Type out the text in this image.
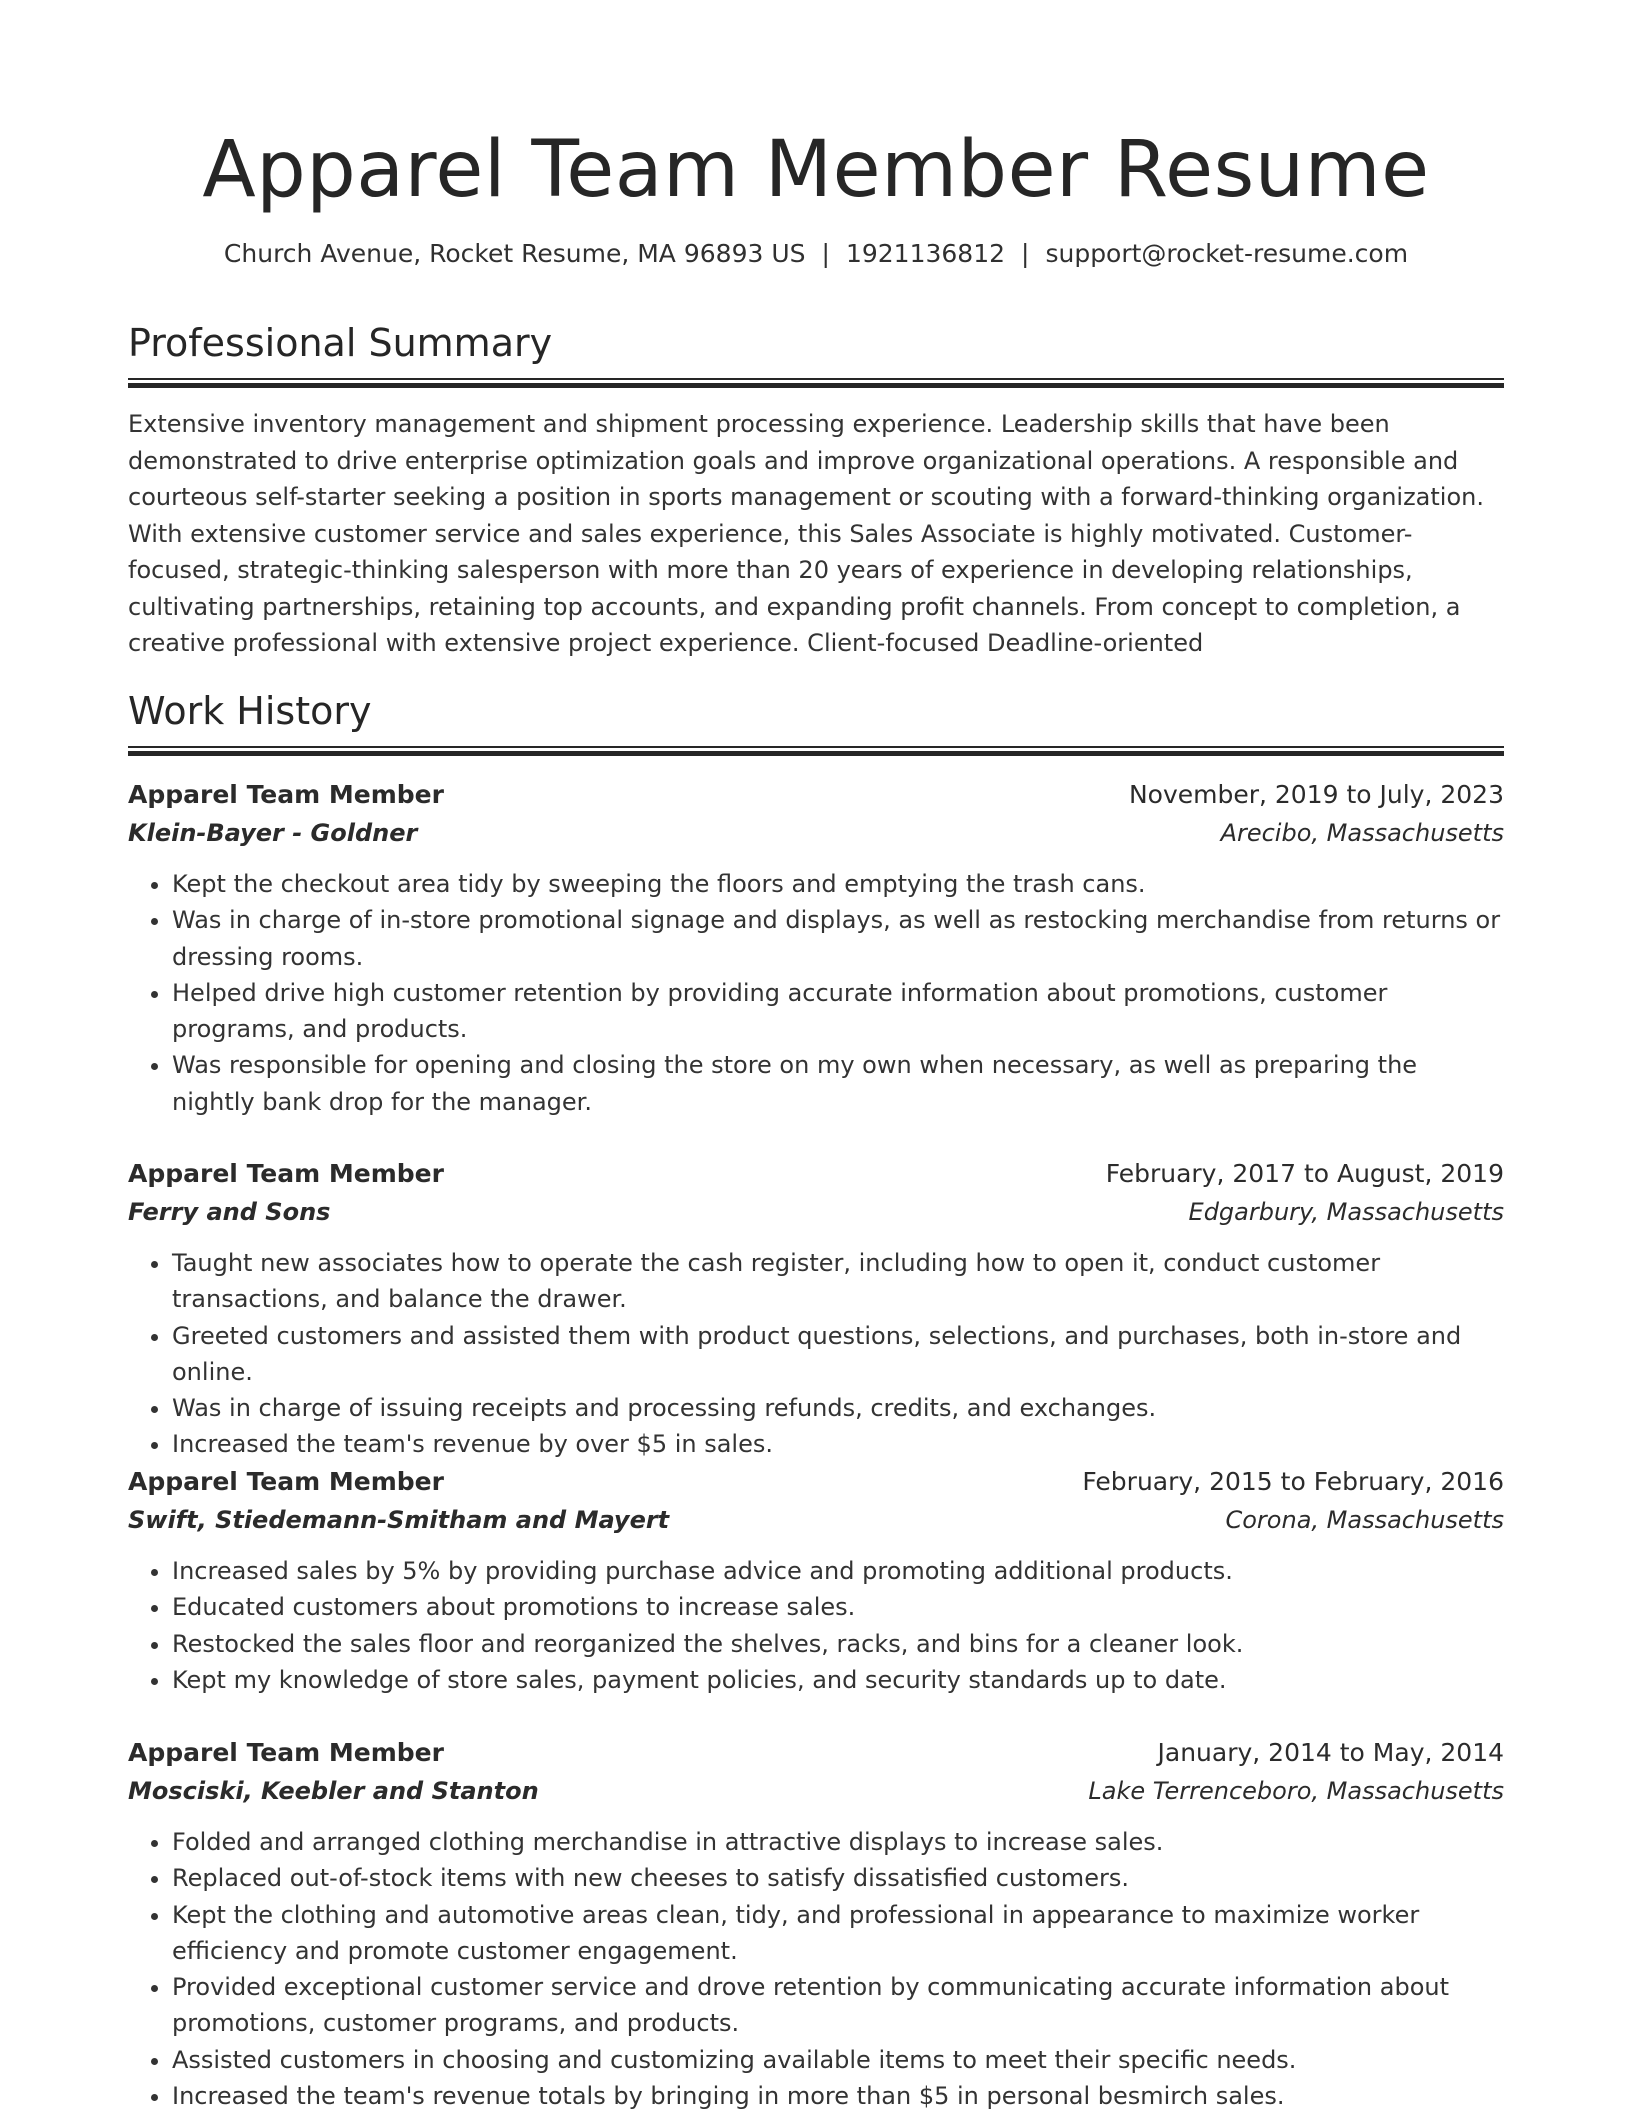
Apparel Team Member Resume
Church Avenue, Rocket Resume, MA 96893 US | 1921136812 | support@rocket-resume.com
Professional Summary

Extensive inventory management and shipment processing experience. Leadership skills that have been demonstrated to drive enterprise optimization goals and improve organizational operations. A responsible and courteous self-starter seeking a position in sports management or scouting with a forward-thinking organization. With extensive customer service and sales experience, this Sales Associate is highly motivated. Customer-focused, strategic-thinking salesperson with more than 20 years of experience in developing relationships, cultivating partnerships, retaining top accounts, and expanding profit channels. From concept to completion, a creative professional with extensive project experience. Client-focused Deadline-oriented

Work History
Apparel Team Member	November, 2019 to July, 2023
Klein-Bayer - Goldner	Arecibo, Massachusetts
• Kept the checkout area tidy by sweeping the floors and emptying the trash cans.
• Was in charge of in-store promotional signage and displays, as well as restocking merchandise from returns or dressing rooms.
• Helped drive high customer retention by providing accurate information about promotions, customer programs, and products.
• Was responsible for opening and closing the store on my own when necessary, as well as preparing the nightly bank drop for the manager.
Apparel Team Member	February, 2017 to August, 2019
Ferry and Sons	Edgarbury, Massachusetts
• Taught new associates how to operate the cash register, including how to open it, conduct customer transactions, and balance the drawer.
• Greeted customers and assisted them with product questions, selections, and purchases, both in-store and online.
• Was in charge of issuing receipts and processing refunds, credits, and exchanges.
• Increased the team's revenue by over $5 in sales.
Apparel Team Member	February, 2015 to February, 2016
Swift, Stiedemann-Smitham and Mayert	Corona, Massachusetts
• Increased sales by 5% by providing purchase advice and promoting additional products.
• Educated customers about promotions to increase sales.
• Restocked the sales floor and reorganized the shelves, racks, and bins for a cleaner look.
• Kept my knowledge of store sales, payment policies, and security standards up to date.
Apparel Team Member	January, 2014 to May, 2014
Mosciski, Keebler and Stanton	Lake Terrenceboro, Massachusetts
• Folded and arranged clothing merchandise in attractive displays to increase sales.
• Replaced out-of-stock items with new cheeses to satisfy dissatisfied customers.
• Kept the clothing and automotive areas clean, tidy, and professional in appearance to maximize worker efficiency and promote customer engagement.
• Provided exceptional customer service and drove retention by communicating accurate information about promotions, customer programs, and products.
• Assisted customers in choosing and customizing available items to meet their specific needs.
• Increased the team's revenue totals by bringing in more than $5 in personal besmirch sales.
